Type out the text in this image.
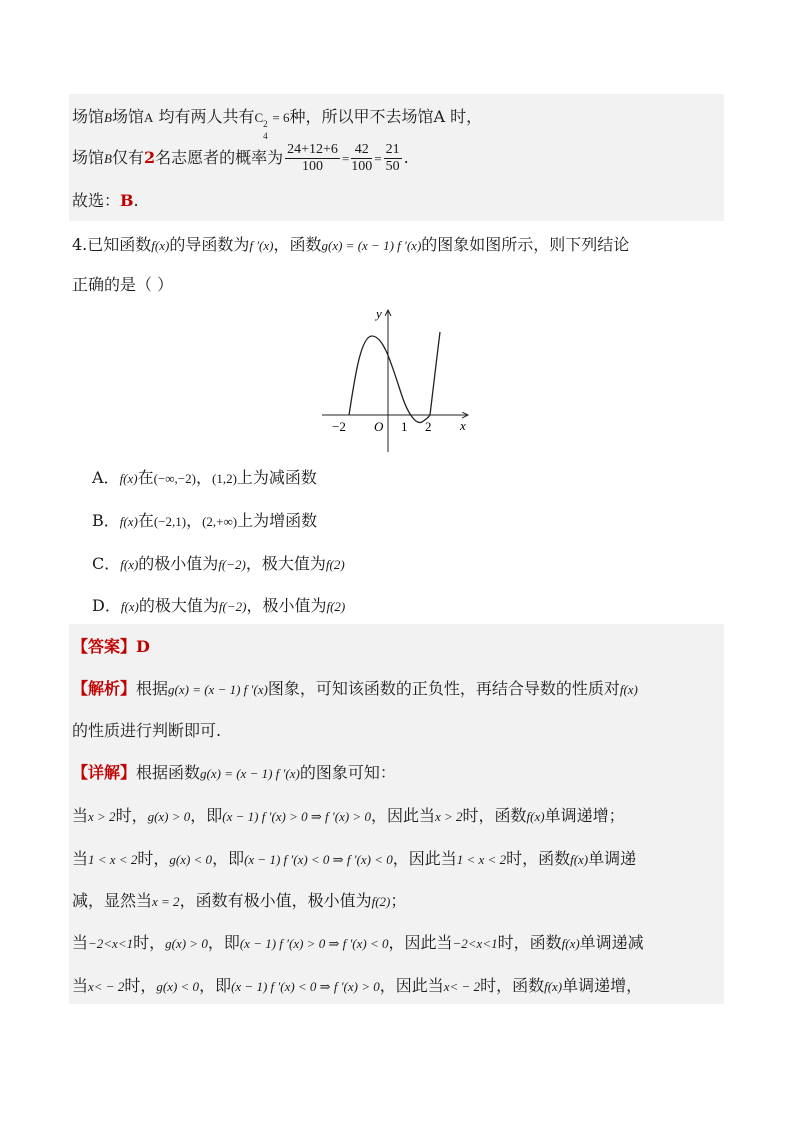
场馆B场馆A 均有两人共有C 2
4
= 6种，所以甲不去场馆A 时，
场馆B仅有2名志愿者的概率为 $\frac{24+12+6}{100} = \frac{42}{100} = \frac{21}{50}$ .
故选：B.
4.已知函数f(x)的导函数为f ′(x)，函数g(x) = (x − 1) f ′(x)的图象如图所示，则下列结论
正确的是（ ）
y
x
−2 O 1 2
A．f(x)在(−∞,−2)，(1,2)上为减函数
B．f(x)在(−2,1)，(2,+∞)上为增函数
C．f(x)的极小值为f(−2)，极大值为f(2)
D．f(x)的极大值为f(−2)，极小值为f(2)
【答案】D
【解析】根据g(x) = (x − 1) f ′(x)图象，可知该函数的正负性，再结合导数的性质对f(x)
的性质进行判断即可.
【详解】根据函数g(x) = (x − 1) f ′(x)的图象可知：
当x > 2时，g(x) > 0，即(x − 1) f ′(x) > 0 ⇒ f ′(x) > 0，因此当x > 2时，函数f(x)单调递增；
当1 < x < 2时，g(x) < 0，即(x − 1) f ′(x) < 0 ⇒ f ′(x) < 0，因此当1 < x < 2时，函数f(x)单调递
减，显然当x = 2，函数有极小值，极小值为f(2)；
当−2<x<1时，g(x) > 0，即(x − 1) f ′(x) > 0 ⇒ f ′(x) < 0，因此当−2<x<1时，函数f(x)单调递减
当x< − 2时，g(x) < 0，即(x − 1) f ′(x) < 0 ⇒ f ′(x) > 0，因此当x< − 2时，函数f(x)单调递增，
